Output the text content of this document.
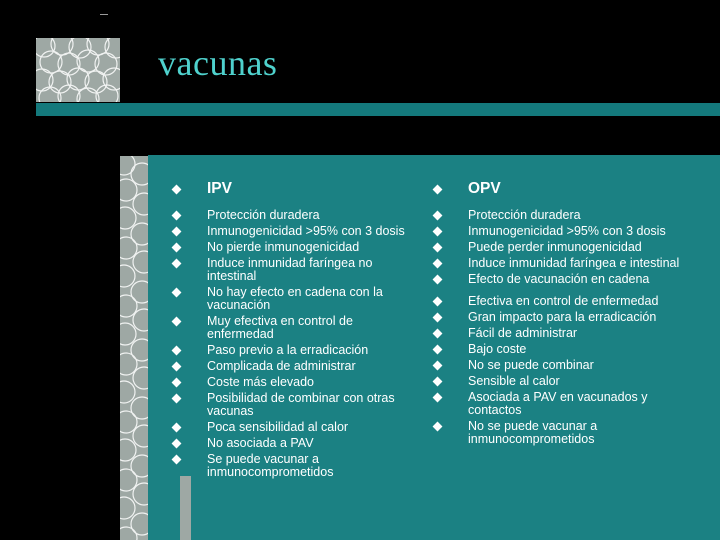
vacunas
IPV
Protección duradera
Inmunogenicidad >95% con 3 dosis
No pierde inmunogenicidad
Induce inmunidad faríngea no intestinal
No hay efecto en cadena con la vacunación
Muy efectiva en control de enfermedad
Paso previo a la erradicación
Complicada de administrar
Coste más elevado
Posibilidad de combinar con otras vacunas
Poca sensibilidad al calor
No asociada a PAV
Se puede vacunar a inmunocomprometidos
OPV
Protección duradera
Inmunogenicidad >95% con 3 dosis
Puede perder inmunogenicidad
Induce inmunidad faríngea e intestinal
Efecto de vacunación en cadena
Efectiva en control de enfermedad
Gran impacto para la erradicación
Fácil de administrar
Bajo coste
No se puede combinar
Sensible al calor
Asociada a PAV en vacunados y contactos
No se puede vacunar a inmunocomprometidos
